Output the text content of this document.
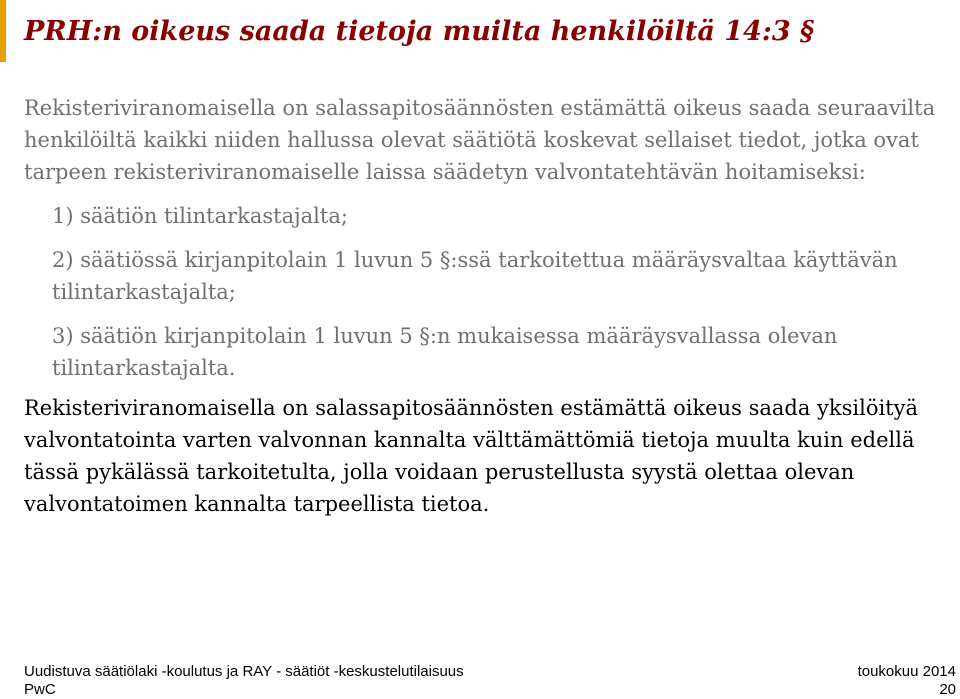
PRH:n oikeus saada tietoja muilta henkilöiltä 14:3 §

Rekisteriviranomaisella on salassapitosäännösten estämättä oikeus saada seuraavilta henkilöiltä kaikki niiden hallussa olevat säätiötä koskevat sellaiset tiedot, jotka ovat tarpeen rekisteriviranomaiselle laissa säädetyn valvontatehtävän hoitamiseksi:

1) säätiön tilintarkastajalta;
2) säätiössä kirjanpitolain 1 luvun 5 §:ssä tarkoitettua määräysvaltaa käyttävän tilintarkastajalta;
3) säätiön kirjanpitolain 1 luvun 5 §:n mukaisessa määräysvallassa olevan tilintarkastajalta.

Rekisteriviranomaisella on salassapitosäännösten estämättä oikeus saada yksilöityä valvontatointa varten valvonnan kannalta välttämättömiä tietoja muulta kuin edellä tässä pykälässä tarkoitetulta, jolla voidaan perustellusta syystä olettaa olevan valvontatoimen kannalta tarpeellista tietoa.

Uudistuva säätiölaki -koulutus ja RAY - säätiöt -keskustelutilaisuus	toukokuu 2014
PwC	20
